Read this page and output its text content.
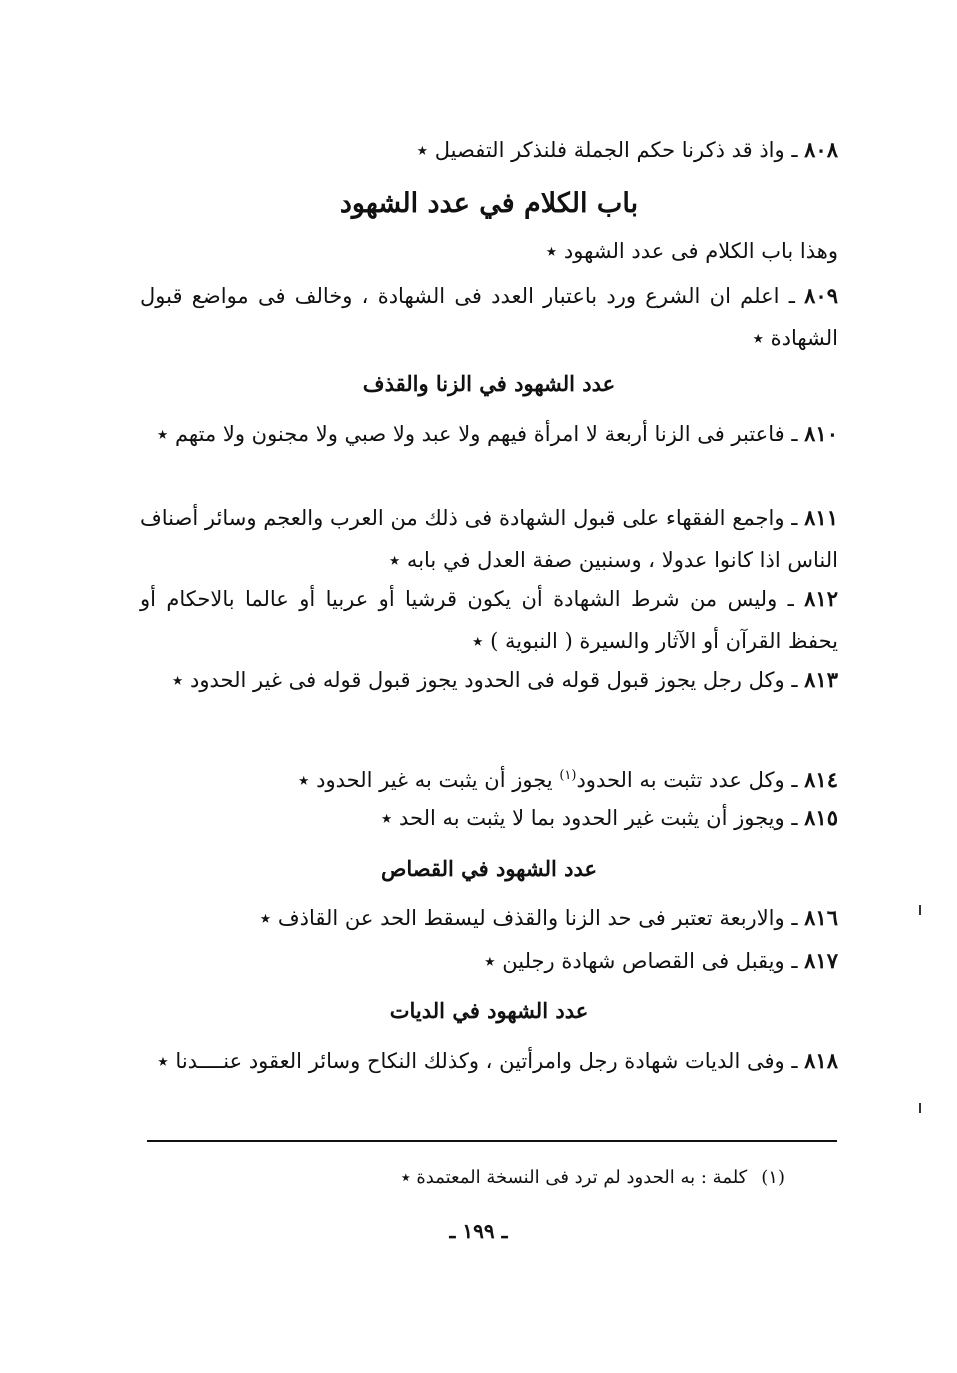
٨٠٨ ـ واذ قد ذكرنا حكم الجملة فلنذكر التفصيل ٭
باب الكلام في عدد الشهود
وهذا باب الكلام فى عدد الشهود ٭
٨٠٩ ـ اعلم ان الشرع ورد باعتبار العدد فى الشهادة ، وخالف فى مواضع قبول الشهادة ٭
عدد الشهود في الزنا والقذف
٨١٠ ـ فاعتبر فى الزنا أربعة لا امرأة فيهم ولا عبد ولا صبي ولا مجنون ولا متهم ٭
٨١١ ـ واجمع الفقهاء على قبول الشهادة فى ذلك من العرب والعجم وسائر أصناف الناس اذا كانوا عدولا ، وسنبين صفة العدل في بابه ٭
٨١٢ ـ وليس من شرط الشهادة أن يكون قرشيا أو عربيا أو عالما بالاحكام أو يحفظ القرآن أو الآثار والسيرة ( النبوية ) ٭
٨١٣ ـ وكل رجل يجوز قبول قوله فى الحدود يجوز قبول قوله فى غير الحدود ٭
٨١٤ ـ وكل عدد تثبت به الحدود$^{(١)}$ يجوز أن يثبت به غير الحدود ٭
٨١٥ ـ ويجوز أن يثبت غير الحدود بما لا يثبت به الحد ٭
عدد الشهود في القصاص
٨١٦ ـ والاربعة تعتبر فى حد الزنا والقذف ليسقط الحد عن القاذف ٭
٨١٧ ـ ويقبل فى القصاص شهادة رجلين ٭
عدد الشهود في الديات
٨١٨ ـ وفى الديات شهادة رجل وامرأتين ، وكذلك النكاح وسائر العقود عنــــدنا ٭
(١)كلمة : به الحدود لم ترد فى النسخة المعتمدة ٭
ـ ١٩٩ ـ
